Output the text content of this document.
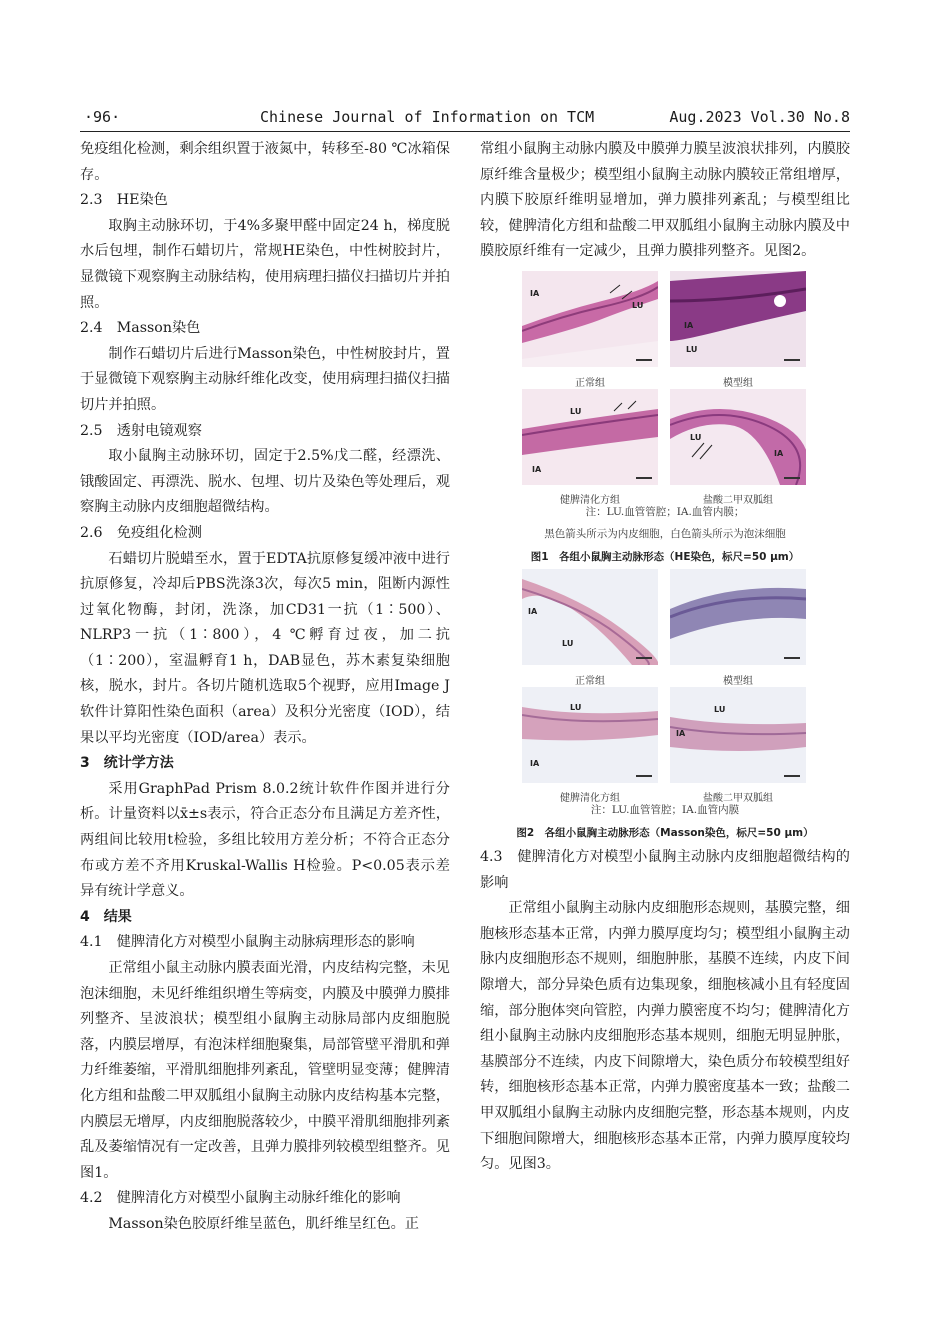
·96·	Chinese Journal of Information on TCM	Aug.2023 Vol.30 No.8

免疫组化检测，剩余组织置于液氮中，转移至-80 ℃冰箱保存。

2.3　HE染色

取胸主动脉环切，于4%多聚甲醛中固定24 h，梯度脱水后包埋，制作石蜡切片，常规HE染色，中性树胶封片，显微镜下观察胸主动脉结构，使用病理扫描仪扫描切片并拍照。

2.4　Masson染色

制作石蜡切片后进行Masson染色，中性树胶封片，置于显微镜下观察胸主动脉纤维化改变，使用病理扫描仪扫描切片并拍照。

2.5　透射电镜观察

取小鼠胸主动脉环切，固定于2.5%戊二醛，经漂洗、锇酸固定、再漂洗、脱水、包埋、切片及染色等处理后，观察胸主动脉内皮细胞超微结构。

2.6　免疫组化检测

石蜡切片脱蜡至水，置于EDTA抗原修复缓冲液中进行抗原修复，冷却后PBS洗涤3次，每次5 min，阻断内源性过氧化物酶，封闭，洗涤，加CD31一抗（1∶500）、NLRP3一抗（1∶800），4 ℃孵育过夜，加二抗（1∶200），室温孵育1 h，DAB显色，苏木素复染细胞核，脱水，封片。各切片随机选取5个视野，应用Image J软件计算阳性染色面积（area）及积分光密度（IOD），结果以平均光密度（IOD/area）表示。

3　统计学方法

采用GraphPad Prism 8.0.2统计软件作图并进行分析。计量资料以x̄±s表示，符合正态分布且满足方差齐性，两组间比较用t检验，多组比较用方差分析；不符合正态分布或方差不齐用Kruskal-Wallis H检验。P<0.05表示差异有统计学意义。

4　结果

4.1　健脾清化方对模型小鼠胸主动脉病理形态的影响

正常组小鼠主动脉内膜表面光滑，内皮结构完整，未见泡沫细胞，未见纤维组织增生等病变，内膜及中膜弹力膜排列整齐、呈波浪状；模型组小鼠胸主动脉局部内皮细胞脱落，内膜层增厚，有泡沫样细胞聚集，局部管壁平滑肌和弹力纤维萎缩，平滑肌细胞排列紊乱，管壁明显变薄；健脾清化方组和盐酸二甲双胍组小鼠胸主动脉内皮结构基本完整，内膜层无增厚，内皮细胞脱落较少，中膜平滑肌细胞排列紊乱及萎缩情况有一定改善，且弹力膜排列较模型组整齐。见图1。

4.2　健脾清化方对模型小鼠胸主动脉纤维化的影响

Masson染色胶原纤维呈蓝色，肌纤维呈红色。正

常组小鼠胸主动脉内膜及中膜弹力膜呈波浪状排列，内膜胶原纤维含量极少；模型组小鼠胸主动脉内膜较正常组增厚，内膜下胶原纤维明显增加，弹力膜排列紊乱；与模型组比较，健脾清化方组和盐酸二甲双胍组小鼠胸主动脉内膜及中膜胶原纤维有一定减少，且弹力膜排列整齐。见图2。

IA
LU
IA
LU
LU
IA
IA
LU
正常组	模型组
健脾清化方组	盐酸二甲双胍组
注：LU.血管管腔；IA.血管内膜；
黑色箭头所示为内皮细胞，白色箭头所示为泡沫细胞
图1　各组小鼠胸主动脉形态（HE染色，标尺=50 μm）
IA
LU
LU
IA
LU
IA
正常组	模型组
健脾清化方组	盐酸二甲双胍组
注：LU.血管管腔；IA.血管内膜
图2　各组小鼠胸主动脉形态（Masson染色，标尺=50 μm）

4.3　健脾清化方对模型小鼠胸主动脉内皮细胞超微结构的影响

正常组小鼠胸主动脉内皮细胞形态规则，基膜完整，细胞核形态基本正常，内弹力膜厚度均匀；模型组小鼠胸主动脉内皮细胞形态不规则，细胞肿胀，基膜不连续，内皮下间隙增大，部分异染色质有边集现象，细胞核减小且有轻度固缩，部分胞体突向管腔，内弹力膜密度不均匀；健脾清化方组小鼠胸主动脉内皮细胞形态基本规则，细胞无明显肿胀，基膜部分不连续，内皮下间隙增大，染色质分布较模型组好转，细胞核形态基本正常，内弹力膜密度基本一致；盐酸二甲双胍组小鼠胸主动脉内皮细胞完整，形态基本规则，内皮下细胞间隙增大，细胞核形态基本正常，内弹力膜厚度较均匀。见图3。
